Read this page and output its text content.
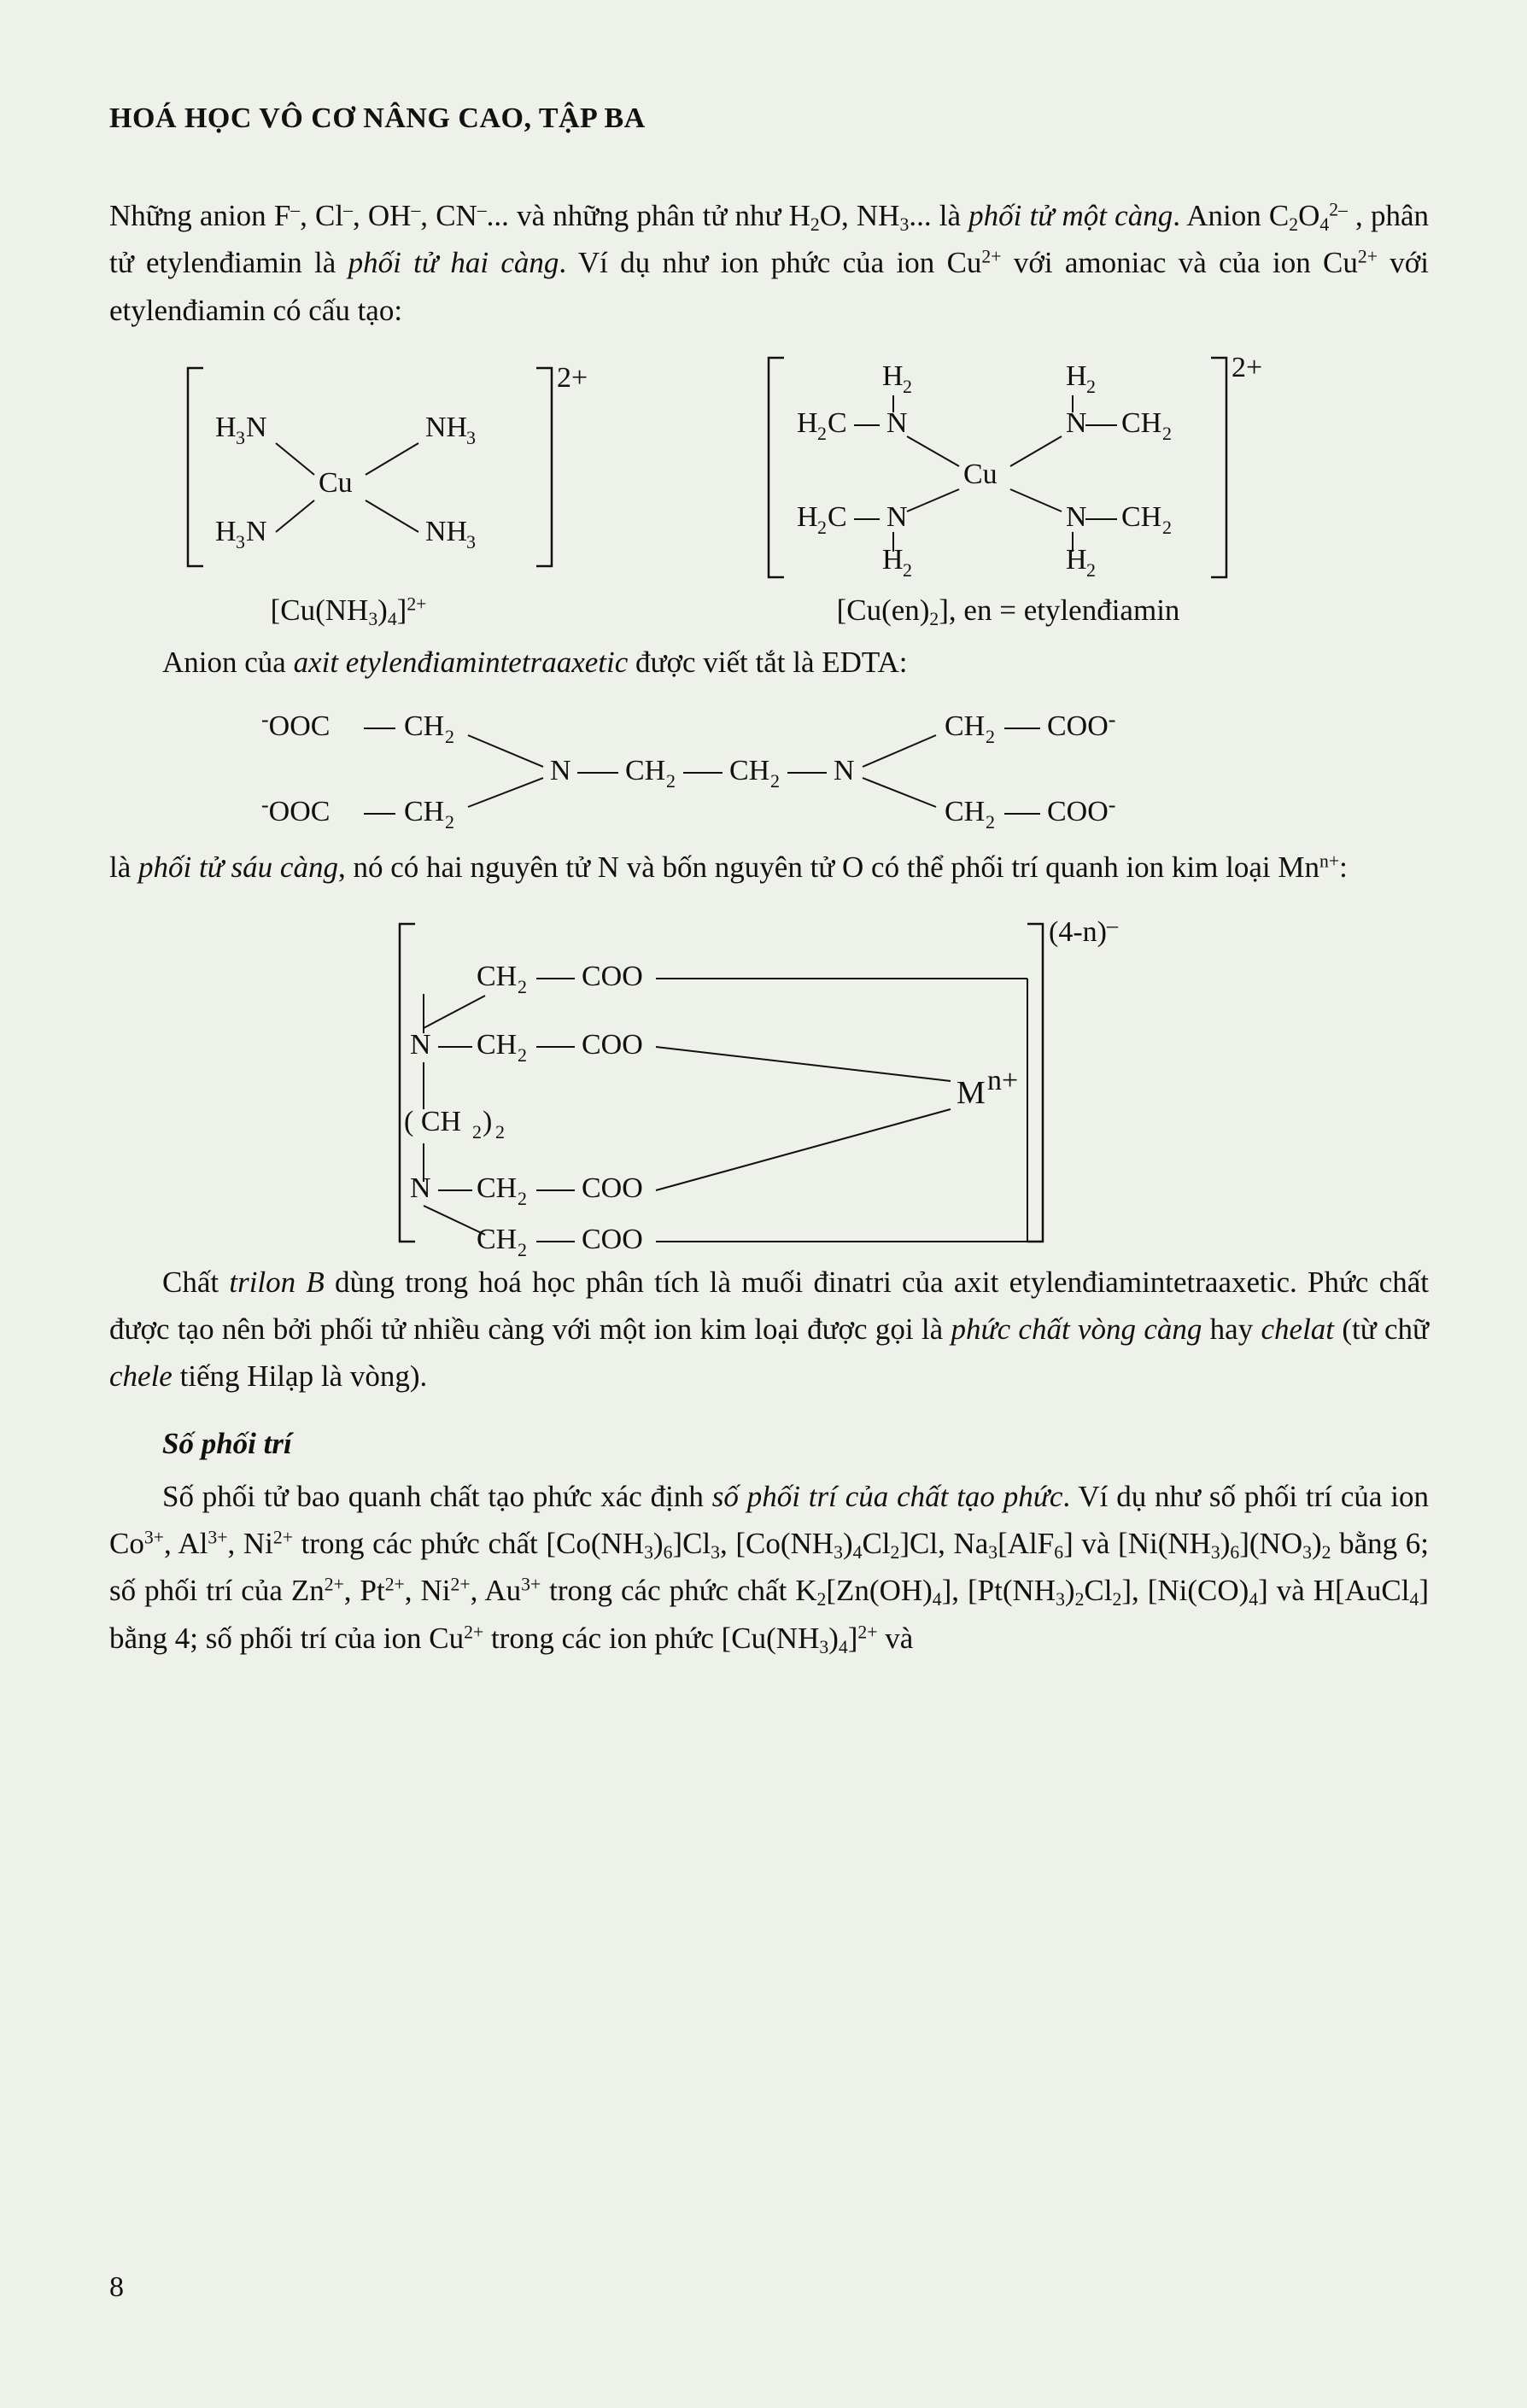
HOÁ HỌC VÔ CƠ NÂNG CAO, TẬP BA

Những anion F–, Cl–, OH–, CN–... và những phân tử như $H_2O$, $NH_3$... là phối tử một càng. Anion $C_2O_4^{2-}$ , phân tử etylenđiamin là phối tử hai càng. Ví dụ như ion phức của ion $Cu^{2+}$ với amoniac và của ion $Cu^{2+}$ với etylenđiamin có cấu tạo:

2+
H 3 N	NH
3
H 3 N	NH
3
Cu
2+
H 2	H 2
H 2 C N	N CH 2
H 2 C N	N CH 2
H 2	H 2
Cu
$[Cu(NH_3)_4]^{2+}$	$[Cu(en)_2]$, en = etylenđiamin

Anion của axit etylenđiamintetraaxetic được viết tắt là EDTA:

-OOC
-OOC
CH 2
CH 2
N CH 2 CH 2 N
CH 2 COO-
CH 2 COO-

là phối tử sáu càng, nó có hai nguyên tử N và bốn nguyên tử O có thể phối trí quanh ion kim loại $Mn^{n+}$:

(4-n)–
CH 2 COO
CH 2 COO
N
( CH 2 ) 2
N CH 2 COO
CH 2 COO
M n+

Chất trilon B dùng trong hoá học phân tích là muối đinatri của axit etylenđiamintetraaxetic. Phức chất được tạo nên bởi phối tử nhiều càng với một ion kim loại được gọi là phức chất vòng càng hay chelat (từ chữ chele tiếng Hilạp là vòng).

Số phối trí

Số phối tử bao quanh chất tạo phức xác định số phối trí của chất tạo phức. Ví dụ như số phối trí của ion $Co^{3+}$, $Al^{3+}$, $Ni^{2+}$ trong các phức chất $[Co(NH_3)_6]Cl_3$, $[Co(NH_3)_4Cl_2]Cl$, $Na_3[AlF_6]$ và $[Ni(NH_3)_6](NO_3)_2$ bằng 6; số phối trí của $Zn^{2+}$, $Pt^{2+}$, $Ni^{2+}$, $Au^{3+}$ trong các phức chất $K_2[Zn(OH)_4]$, $[Pt(NH_3)_2Cl_2]$, $[Ni(CO)_4]$ và H[AuCl$_4$] bằng 4; số phối trí của ion $Cu^{2+}$ trong các ion phức $[Cu(NH_3)_4]^{2+}$ và

8
